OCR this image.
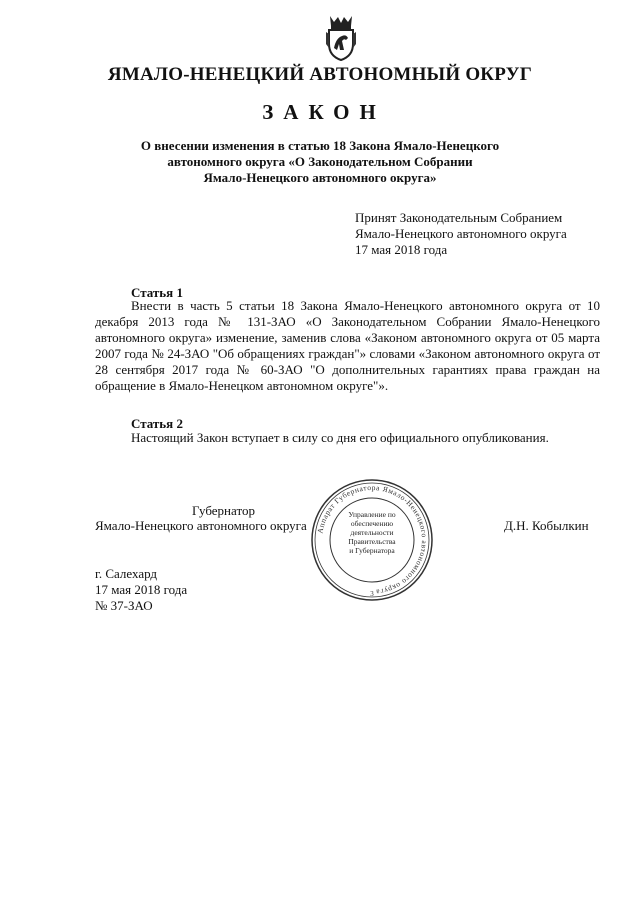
ЯМАЛО-НЕНЕЦКИЙ АВТОНОМНЫЙ ОКРУГ
ЗАКОН
О внесении изменения в статью 18 Закона Ямало-Ненецкого
автономного округа «О Законодательном Собрании
Ямало-Ненецкого автономного округа»
Принят Законодательным Собранием
Ямало-Ненецкого автономного округа
17 мая 2018 года
Статья 1
Внести в часть 5 статьи 18 Закона Ямало-Ненецкого автономного округа от 10 декабря 2013 года № 131-ЗАО «О Законодательном Собрании Ямало-Ненецкого автономного округа» изменение, заменив слова «Законом автономного округа от 05 марта 2007 года № 24-ЗАО "Об обращениях граждан"» словами «Законом автономного округа от 28 сентября 2017 года № 60-ЗАО "О дополнительных гарантиях права граждан на обращение в Ямало-Ненецком автономном округе"».
Статья 2
Настоящий Закон вступает в силу со дня его официального опубликования.
Аппарат Губернатора Ямало-Ненецкого автономного округа
3
Управление по
обеспечению
деятельности
Правительства
и Губернатора
Губернатор
Ямало-Ненецкого автономного округа	Д.Н. Кобылкин
г. Салехард
17 мая 2018 года
№ 37-ЗАО
